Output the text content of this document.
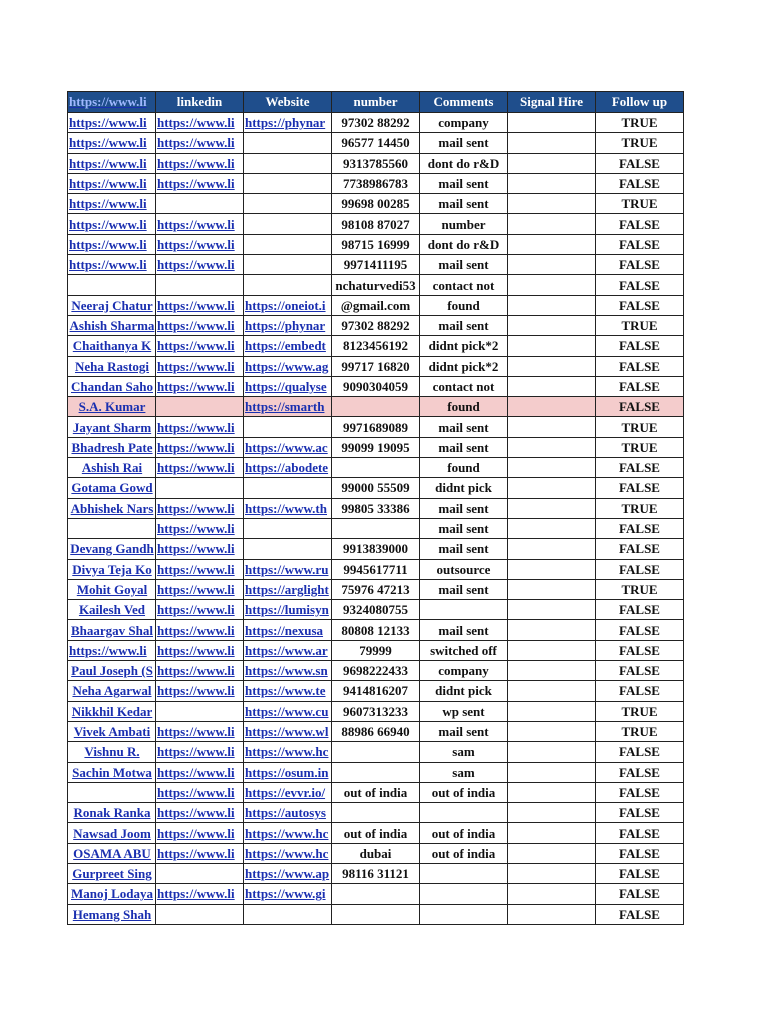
https://www.li	linkedin	Website	number	Comments	Signal Hire	Follow up
https://www.li	https://www.li	https://phynar	97302 88292	company		TRUE
https://www.li	https://www.li		96577 14450	mail sent		TRUE
https://www.li	https://www.li		9313785560	dont do r&D		FALSE
https://www.li	https://www.li		7738986783	mail sent		FALSE
https://www.li			99698 00285	mail sent		TRUE
https://www.li	https://www.li		98108 87027	number		FALSE
https://www.li	https://www.li		98715 16999	dont do r&D		FALSE
https://www.li	https://www.li		9971411195	mail sent		FALSE
			nchaturvedi53	contact not		FALSE
Neeraj Chatur	https://www.li	https://oneiot.i	@gmail.com	found		FALSE
Ashish Sharma	https://www.li	https://phynar	97302 88292	mail sent		TRUE
Chaithanya K	https://www.li	https://embedt	8123456192	didnt pick*2		FALSE
Neha Rastogi	https://www.li	https://www.ag	99717 16820	didnt pick*2		FALSE
Chandan Saho	https://www.li	https://qualyse	9090304059	contact not		FALSE
S.A. Kumar		https://smarth		found		FALSE
Jayant Sharm	https://www.li		9971689089	mail sent		TRUE
Bhadresh Pate	https://www.li	https://www.ac	99099 19095	mail sent		TRUE
Ashish Rai	https://www.li	https://abodete		found		FALSE
Gotama Gowd			99000 55509	didnt pick		FALSE
Abhishek Nars	https://www.li	https://www.th	99805 33386	mail sent		TRUE
	https://www.li			mail sent		FALSE
Devang Gandh	https://www.li		9913839000	mail sent		FALSE
Divya Teja Ko	https://www.li	https://www.ru	9945617711	outsource		FALSE
Mohit Goyal	https://www.li	https://arglight	75976 47213	mail sent		TRUE
Kailesh Ved	https://www.li	https://lumisyn	9324080755			FALSE
Bhaargav Shal	https://www.li	https://nexusa	80808 12133	mail sent		FALSE
https://www.li	https://www.li	https://www.ar	79999	switched off		FALSE
Paul Joseph (S	https://www.li	https://www.sn	9698222433	company		FALSE
Neha Agarwal	https://www.li	https://www.te	9414816207	didnt pick		FALSE
Nikkhil Kedar		https://www.cu	9607313233	wp sent		TRUE
Vivek Ambati	https://www.li	https://www.wl	88986 66940	mail sent		TRUE
Vishnu R.	https://www.li	https://www.hc		sam		FALSE
Sachin Motwa	https://www.li	https://osum.in		sam		FALSE
	https://www.li	https://evvr.io/	out of india	out of india		FALSE
Ronak Ranka	https://www.li	https://autosys				FALSE
Nawsad Joom	https://www.li	https://www.hc	out of india	out of india		FALSE
OSAMA ABU	https://www.li	https://www.hc	dubai	out of india		FALSE
Gurpreet Sing		https://www.ap	98116 31121			FALSE
Manoj Lodaya	https://www.li	https://www.gi				FALSE
Hemang Shah						FALSE
